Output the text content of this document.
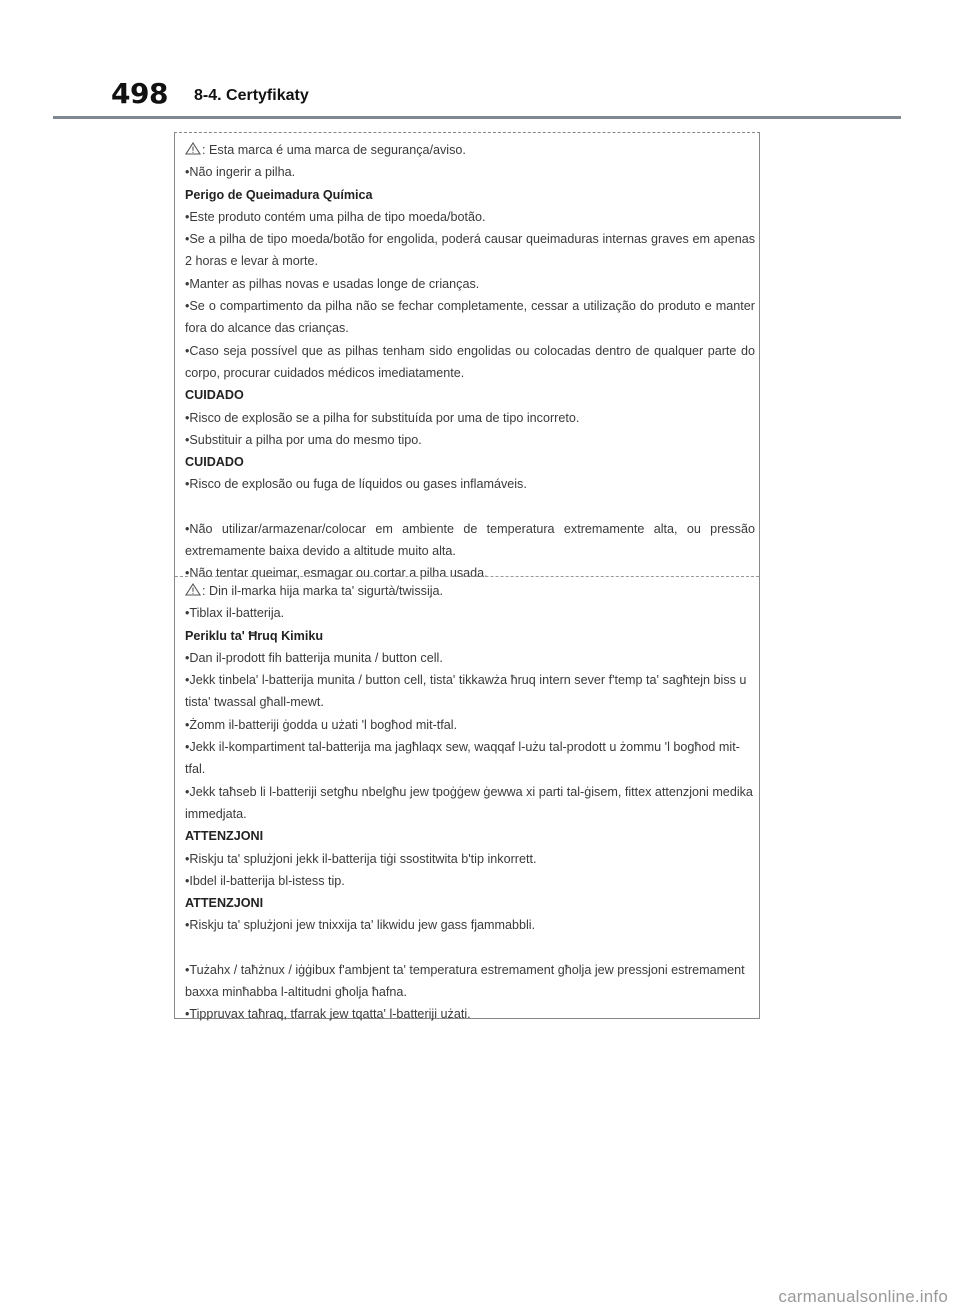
498 8-4. Certyfikaty

: Esta marca é uma marca de segurança/aviso.

•Não ingerir a pilha.

Perigo de Queimadura Química

•Este produto contém uma pilha de tipo moeda/botão.

•Se a pilha de tipo moeda/botão for engolida, poderá causar queimaduras internas graves em apenas 2 horas e levar à morte.

•Manter as pilhas novas e usadas longe de crianças.

•Se o compartimento da pilha não se fechar completamente, cessar a utilização do produto e manter fora do alcance das crianças.

•Caso seja possível que as pilhas tenham sido engolidas ou colocadas dentro de qualquer parte do corpo, procurar cuidados médicos imediatamente.

CUIDADO

•Risco de explosão se a pilha for substituída por uma de tipo incorreto.

•Substituir a pilha por uma do mesmo tipo.

CUIDADO

•Risco de explosão ou fuga de líquidos ou gases inflamáveis.

•Não utilizar/armazenar/colocar em ambiente de temperatura extremamente alta, ou pressão extremamente baixa devido a altitude muito alta.

•Não tentar queimar, esmagar ou cortar a pilha usada.

: Din il-marka hija marka ta' sigurtà/twissija.

•Tiblax il-batterija.

Periklu ta' Ħruq Kimiku

•Dan il-prodott fih batterija munita / button cell.

•Jekk tinbela' l-batterija munita / button cell, tista' tikkawża ħruq intern sever f'temp ta' sagħtejn biss u tista' twassal għall-mewt.

•Żomm il-batteriji ġodda u użati 'l bogħod mit-tfal.

•Jekk il-kompartiment tal-batterija ma jagħlaqx sew, waqqaf l-użu tal-prodott u żommu 'l bogħod mit-tfal.

•Jekk taħseb li l-batteriji setgħu nbelgħu jew tpoġġew ġewwa xi parti tal-ġisem, fittex attenzjoni medika immedjata.

ATTENZJONI

•Riskju ta' splużjoni jekk il-batterija tiġi ssostitwita b'tip inkorrett.

•Ibdel il-batterija bl-istess tip.

ATTENZJONI

•Riskju ta' splużjoni jew tnixxija ta' likwidu jew gass fjammabbli.

•Tużahx / taħżnux / iġġibux f'ambjent ta' temperatura estremament għolja jew pressjoni estremament baxxa minħabba l-altitudni għolja ħafna.

•Tippruvax taħraq, tfarrak jew tqatta' l-batteriji użati.

carmanualsonline.info
